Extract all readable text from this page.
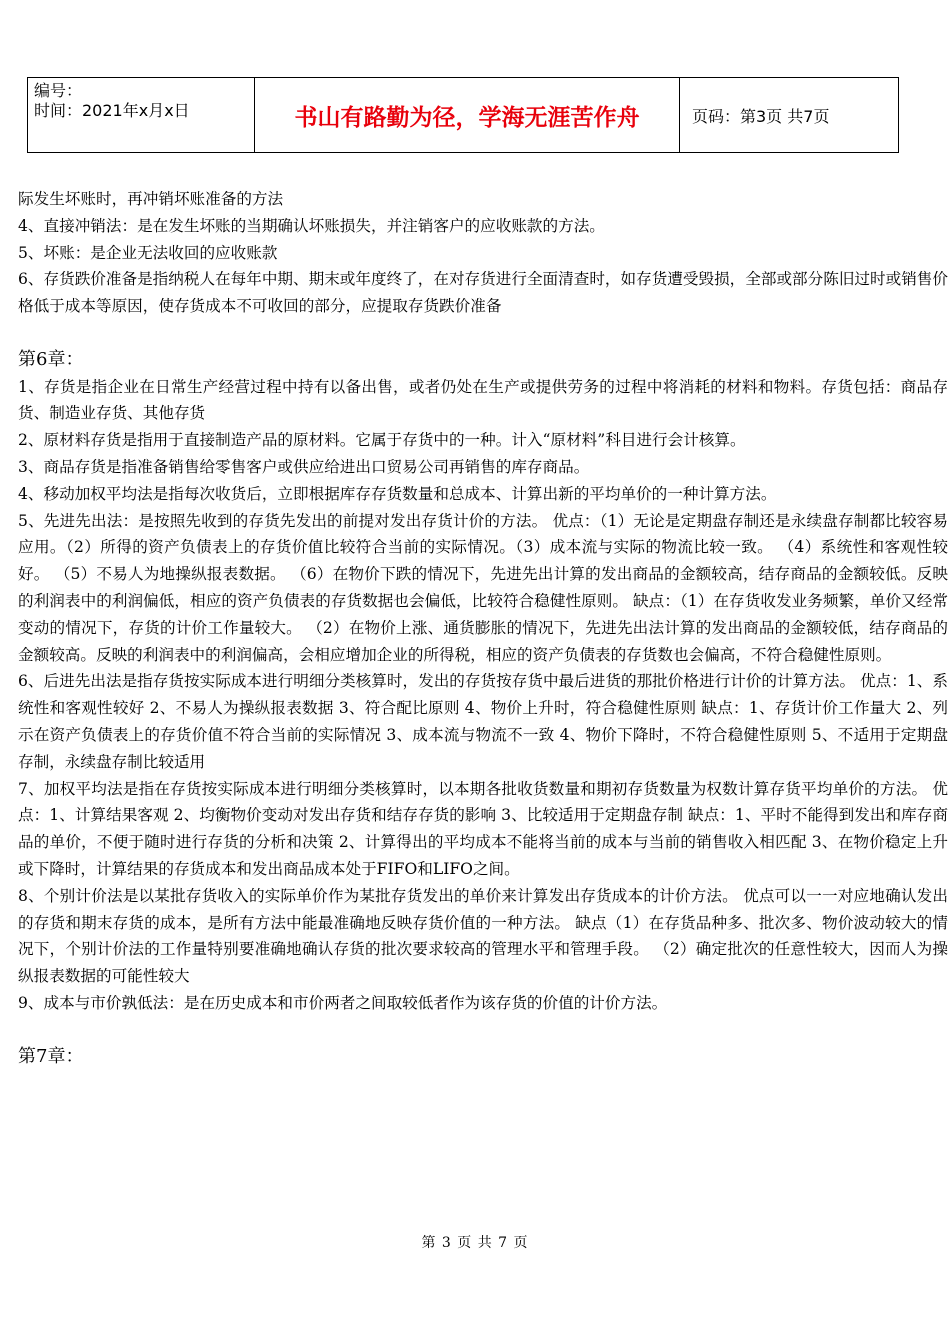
编号：
时间：2021年x月x日	书山有路勤为径，学海无涯苦作舟	页码：第3页 共7页

际发生坏账时，再冲销坏账准备的方法

4、直接冲销法：是在发生坏账的当期确认坏账损失，并注销客户的应收账款的方法。

5、坏账：是企业无法收回的应收账款

6、存货跌价准备是指纳税人在每年中期、期末或年度终了，在对存货进行全面清查时，如存货遭受毁损，全部或部分陈旧过时或销售价格低于成本等原因，使存货成本不可收回的部分，应提取存货跌价准备

第6章：

1、存货是指企业在日常生产经营过程中持有以备出售，或者仍处在生产或提供劳务的过程中将消耗的材料和物料。存货包括：商品存货、制造业存货、其他存货

2、原材料存货是指用于直接制造产品的原材料。它属于存货中的一种。计入“原材料”科目进行会计核算。

3、商品存货是指准备销售给零售客户或供应给进出口贸易公司再销售的库存商品。

4、移动加权平均法是指每次收货后，立即根据库存存货数量和总成本、计算出新的平均单价的一种计算方法。

5、先进先出法：是按照先收到的存货先发出的前提对发出存货计价的方法。 优点：（1）无论是定期盘存制还是永续盘存制都比较容易应用。（2）所得的资产负债表上的存货价值比较符合当前的实际情况。（3）成本流与实际的物流比较一致。 （4）系统性和客观性较好。 （5）不易人为地操纵报表数据。 （6）在物价下跌的情况下，先进先出计算的发出商品的金额较高，结存商品的金额较低。反映的利润表中的利润偏低，相应的资产负债表的存货数据也会偏低，比较符合稳健性原则。 缺点：（1）在存货收发业务频繁，单价又经常变动的情况下，存货的计价工作量较大。 （2）在物价上涨、通货膨胀的情况下，先进先出法计算的发出商品的金额较低，结存商品的金额较高。反映的利润表中的利润偏高，会相应增加企业的所得税，相应的资产负债表的存货数也会偏高，不符合稳健性原则。

6、后进先出法是指存货按实际成本进行明细分类核算时，发出的存货按存货中最后进货的那批价格进行计价的计算方法。 优点：1、系统性和客观性较好 2、不易人为操纵报表数据 3、符合配比原则 4、物价上升时，符合稳健性原则 缺点：1、存货计价工作量大 2、列示在资产负债表上的存货价值不符合当前的实际情况 3、成本流与物流不一致 4、物价下降时，不符合稳健性原则 5、不适用于定期盘存制，永续盘存制比较适用

7、加权平均法是指在存货按实际成本进行明细分类核算时，以本期各批收货数量和期初存货数量为权数计算存货平均单价的方法。 优点：1、计算结果客观 2、均衡物价变动对发出存货和结存存货的影响 3、比较适用于定期盘存制 缺点：1、平时不能得到发出和库存商品的单价，不便于随时进行存货的分析和决策 2、计算得出的平均成本不能将当前的成本与当前的销售收入相匹配 3、在物价稳定上升或下降时，计算结果的存货成本和发出商品成本处于FIFO和LIFO之间。

8、个别计价法是以某批存货收入的实际单价作为某批存货发出的单价来计算发出存货成本的计价方法。 优点可以一一对应地确认发出的存货和期末存货的成本，是所有方法中能最准确地反映存货价值的一种方法。 缺点（1）在存货品种多、批次多、物价波动较大的情况下，个别计价法的工作量特别要准确地确认存货的批次要求较高的管理水平和管理手段。 （2）确定批次的任意性较大，因而人为操纵报表数据的可能性较大

9、成本与市价孰低法：是在历史成本和市价两者之间取较低者作为该存货的价值的计价方法。

第7章：

第 3 页 共 7 页
